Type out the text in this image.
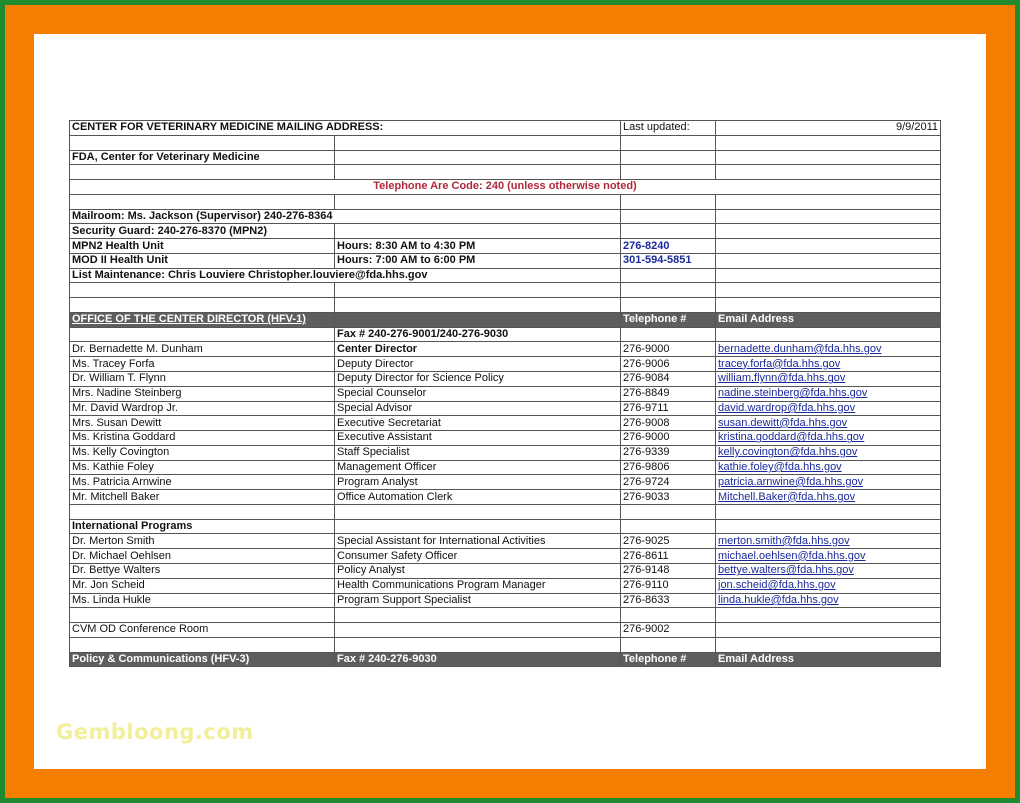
CENTER FOR VETERINARY MEDICINE MAILING ADDRESS:		Last updated:	9/9/2011

FDA, Center for Veterinary Medicine			

Telephone Are Code: 240 (unless otherwise noted)			

Mailroom: Ms. Jackson (Supervisor) 240-276-8364			
Security Guard: 240-276-8370 (MPN2)			
MPN2 Health Unit	Hours: 8:30 AM to 4:30 PM	276-8240	
MOD II Health Unit	Hours: 7:00 AM to 6:00 PM	301-594-5851	
List Maintenance: Chris Louviere Christopher.louviere@fda.hhs.gov			

OFFICE OF THE CENTER DIRECTOR (HFV-1)		Telephone #	Email Address
	Fax # 240-276-9001/240-276-9030		
Dr. Bernadette M. Dunham	Center Director	276-9000	bernadette.dunham@fda.hhs.gov
Ms. Tracey Forfa	Deputy Director	276-9006	tracey.forfa@fda.hhs.gov
Dr. William T. Flynn	Deputy Director for Science Policy	276-9084	william.flynn@fda.hhs.gov
Mrs. Nadine Steinberg	Special Counselor	276-8849	nadine.steinberg@fda.hhs.gov
Mr. David Wardrop Jr.	Special Advisor	276-9711	david.wardrop@fda.hhs.gov
Mrs. Susan Dewitt	Executive Secretariat	276-9008	susan.dewitt@fda.hhs.gov
Ms. Kristina Goddard	Executive Assistant	276-9000	kristina.goddard@fda.hhs.gov
Ms. Kelly Covington	Staff Specialist	276-9339	kelly.covington@fda.hhs.gov
Ms. Kathie Foley	Management Officer	276-9806	kathie.foley@fda.hhs.gov
Ms. Patricia Arnwine	Program Analyst	276-9724	patricia.arnwine@fda.hhs.gov
Mr. Mitchell Baker	Office Automation Clerk	276-9033	Mitchell.Baker@fda.hhs.gov

International Programs			
Dr. Merton Smith	Special Assistant for International Activities	276-9025	merton.smith@fda.hhs.gov
Dr. Michael Oehlsen	Consumer Safety Officer	276-8611	michael.oehlsen@fda.hhs.gov
Dr. Bettye Walters	Policy Analyst	276-9148	bettye.walters@fda.hhs.gov
Mr. Jon Scheid	Health Communications Program Manager	276-9110	jon.scheid@fda.hhs.gov
Ms. Linda Hukle	Program Support Specialist	276-8633	linda.hukle@fda.hhs.gov

CVM OD Conference Room		276-9002	

Policy & Communications (HFV-3)	Fax # 240-276-9030	Telephone #	Email Address
Gembloong.com
